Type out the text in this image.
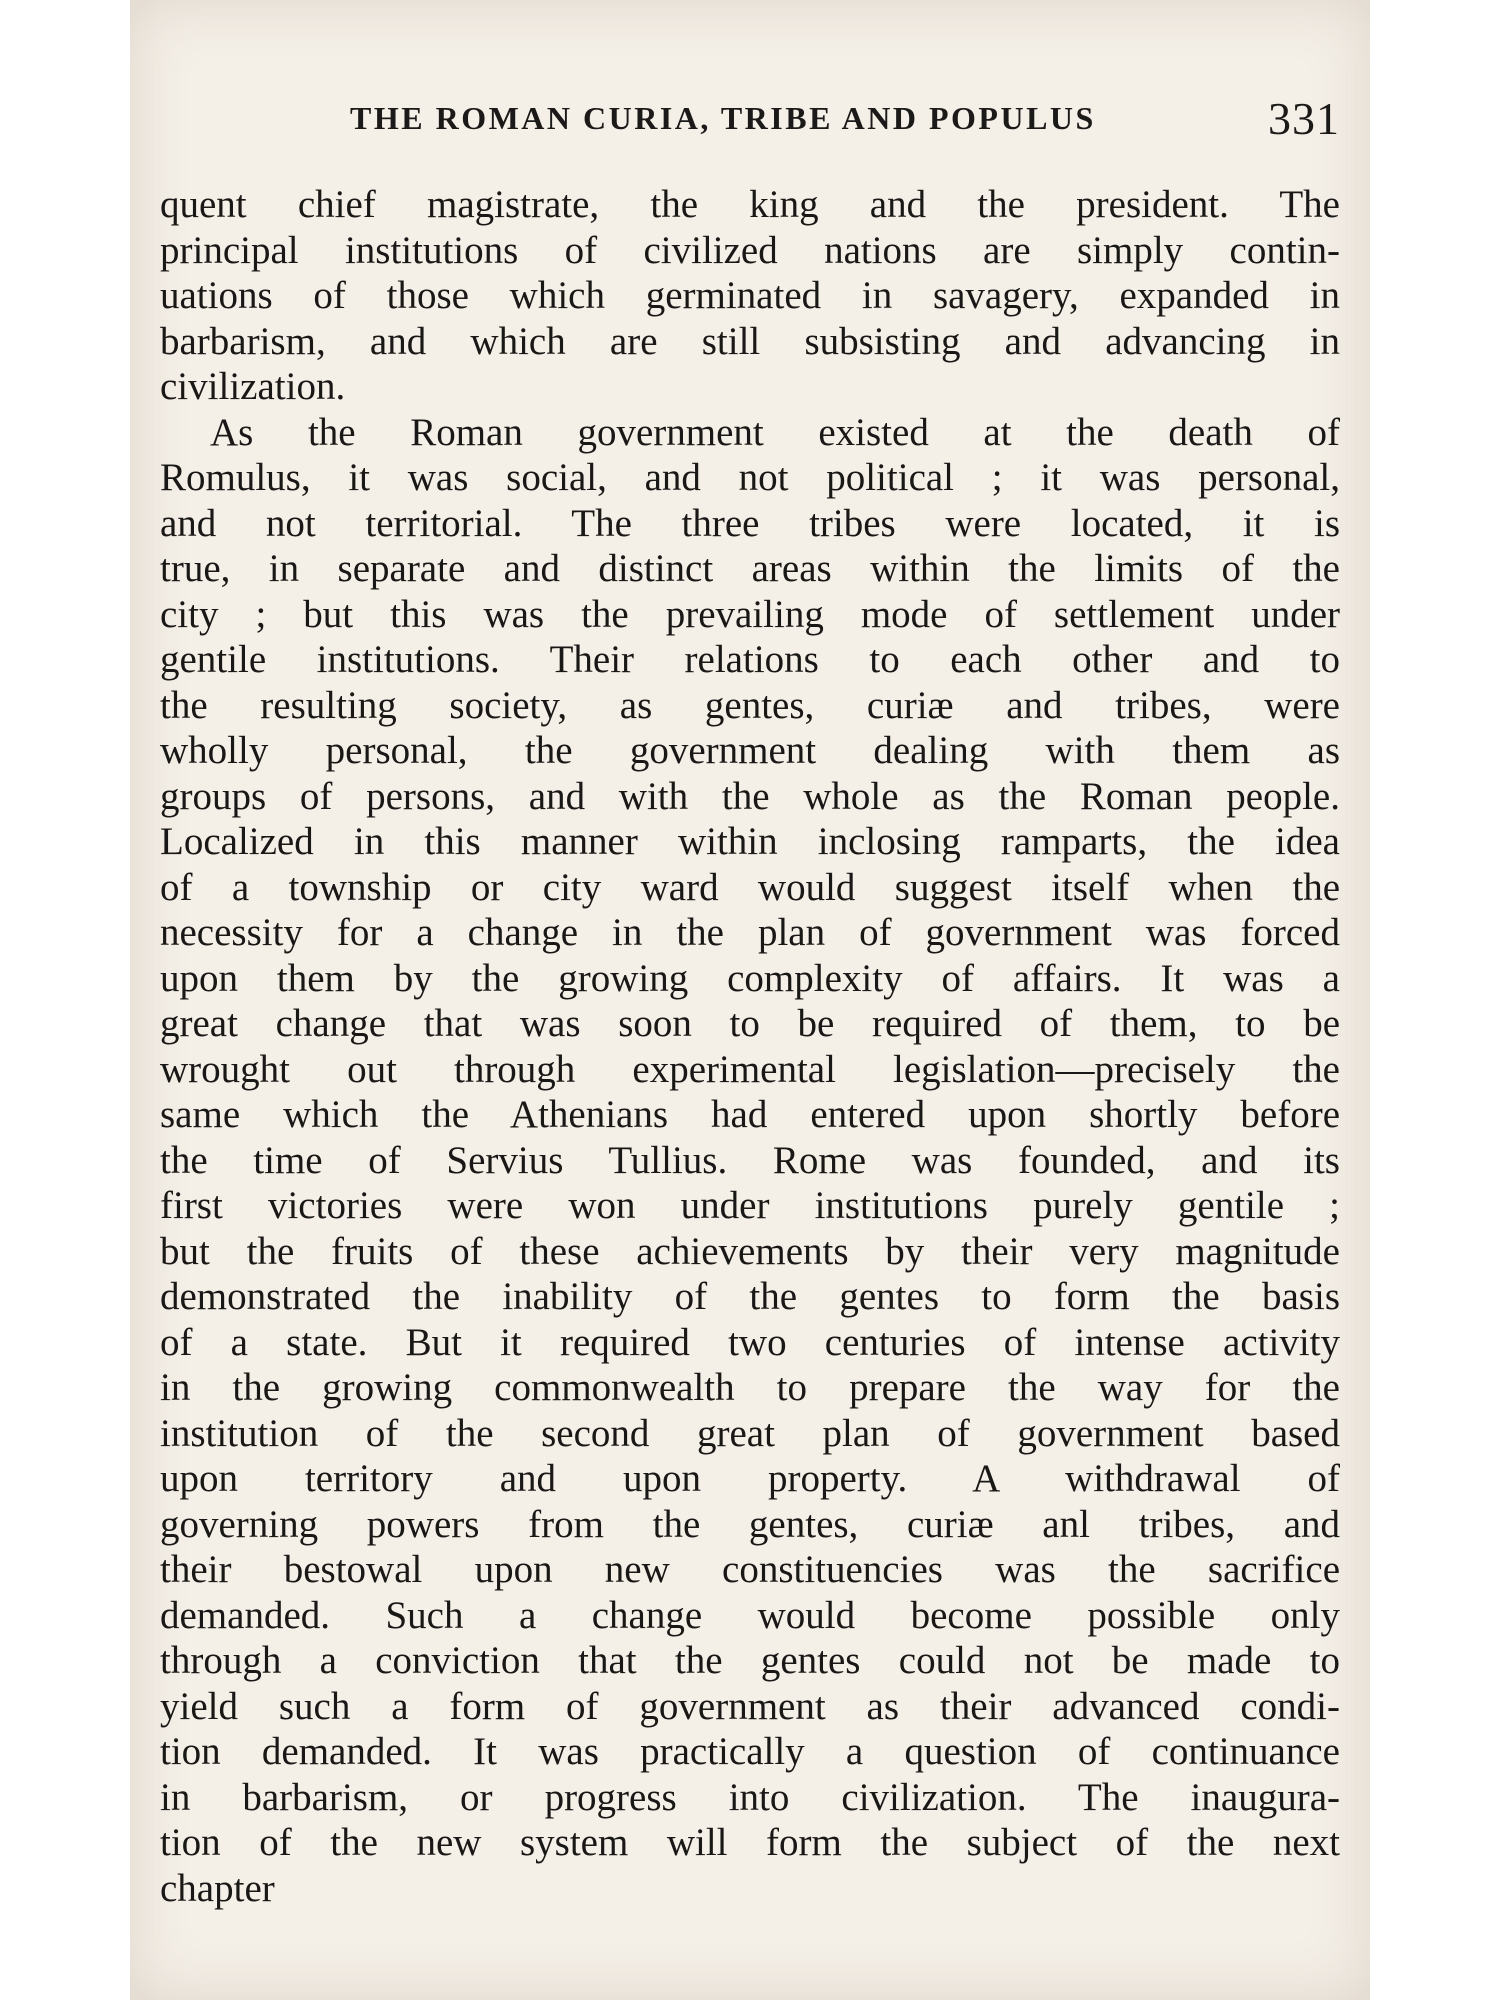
THE ROMAN CURIA, TRIBE AND POPULUS	331
quent chief magistrate, the king and the president. The
principal institutions of civilized nations are simply contin-
uations of those which germinated in savagery, expanded in
barbarism, and which are still subsisting and advancing in
civilization.
As the Roman government existed at the death of
Romulus, it was social, and not political ; it was personal,
and not territorial. The three tribes were located, it is
true, in separate and distinct areas within the limits of the
city ; but this was the prevailing mode of settlement under
gentile institutions. Their relations to each other and to
the resulting society, as gentes, curiæ and tribes, were
wholly personal, the government dealing with them as
groups of persons, and with the whole as the Roman people.
Localized in this manner within inclosing ramparts, the idea
of a township or city ward would suggest itself when the
necessity for a change in the plan of government was forced
upon them by the growing complexity of affairs. It was a
great change that was soon to be required of them, to be
wrought out through experimental legislation—precisely the
same which the Athenians had entered upon shortly before
the time of Servius Tullius. Rome was founded, and its
first victories were won under institutions purely gentile ;
but the fruits of these achievements by their very magnitude
demonstrated the inability of the gentes to form the basis
of a state. But it required two centuries of intense activity
in the growing commonwealth to prepare the way for the
institution of the second great plan of government based
upon territory and upon property. A withdrawal of
governing powers from the gentes, curiæ anl tribes, and
their bestowal upon new constituencies was the sacrifice
demanded. Such a change would become possible only
through a conviction that the gentes could not be made to
yield such a form of government as their advanced condi-
tion demanded. It was practically a question of continuance
in barbarism, or progress into civilization. The inaugura-
tion of the new system will form the subject of the next
chapter
